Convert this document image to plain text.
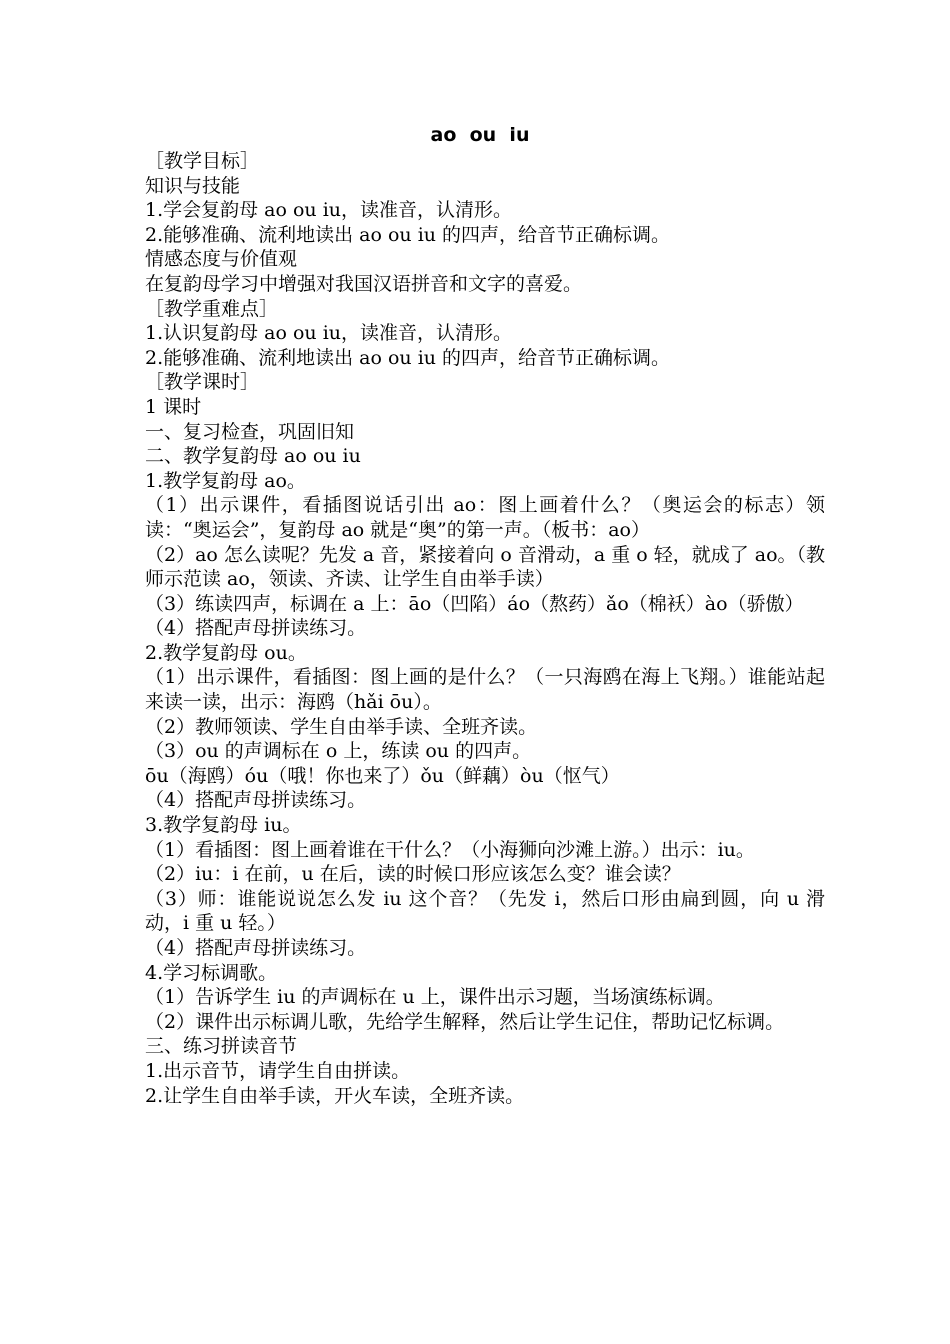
ao  ou  iu

［教学目标］

知识与技能

1.学会复韵母 ao ou iu，读准音，认清形。

2.能够准确、流利地读出 ao ou iu 的四声，给音节正确标调。

情感态度与价值观

在复韵母学习中增强对我国汉语拼音和文字的喜爱。

［教学重难点］

1.认识复韵母 ao ou iu，读准音，认清形。

2.能够准确、流利地读出 ao ou iu 的四声，给音节正确标调。

［教学课时］

1 课时

一、复习检查，巩固旧知

二、教学复韵母 ao ou iu

1.教学复韵母 ao。

（1）出示课件，看插图说话引出 ao：图上画着什么？（奥运会的标志）领读：“奥运会”，复韵母 ao 就是“奥”的第一声。（板书：ao）

（2）ao 怎么读呢？先发 a 音，紧接着向 o 音滑动，a 重 o 轻，就成了 ao。（教师示范读 ao，领读、齐读、让学生自由举手读）

（3）练读四声，标调在 a 上：āo（凹陷）áo（熬药）ǎo（棉袄）ào（骄傲）

（4）搭配声母拼读练习。

2.教学复韵母 ou。

（1）出示课件，看插图：图上画的是什么？（一只海鸥在海上飞翔。）谁能站起来读一读，出示：海鸥（hǎi ōu）。

（2）教师领读、学生自由举手读、全班齐读。

（3）ou 的声调标在 o 上，练读 ou 的四声。

ōu（海鸥）óu（哦！你也来了）ǒu（鲜藕）òu（怄气）

（4）搭配声母拼读练习。

3.教学复韵母 iu。

（1）看插图：图上画着谁在干什么？（小海狮向沙滩上游。）出示：iu。

（2）iu：i 在前，u 在后，读的时候口形应该怎么变？谁会读？

（3）师：谁能说说怎么发 iu 这个音？（先发 i，然后口形由扁到圆，向 u 滑动，i 重 u 轻。）

（4）搭配声母拼读练习。

4.学习标调歌。

（1）告诉学生 iu 的声调标在 u 上，课件出示习题，当场演练标调。

（2）课件出示标调儿歌，先给学生解释，然后让学生记住，帮助记忆标调。

三、练习拼读音节

1.出示音节，请学生自由拼读。

2.让学生自由举手读，开火车读，全班齐读。
